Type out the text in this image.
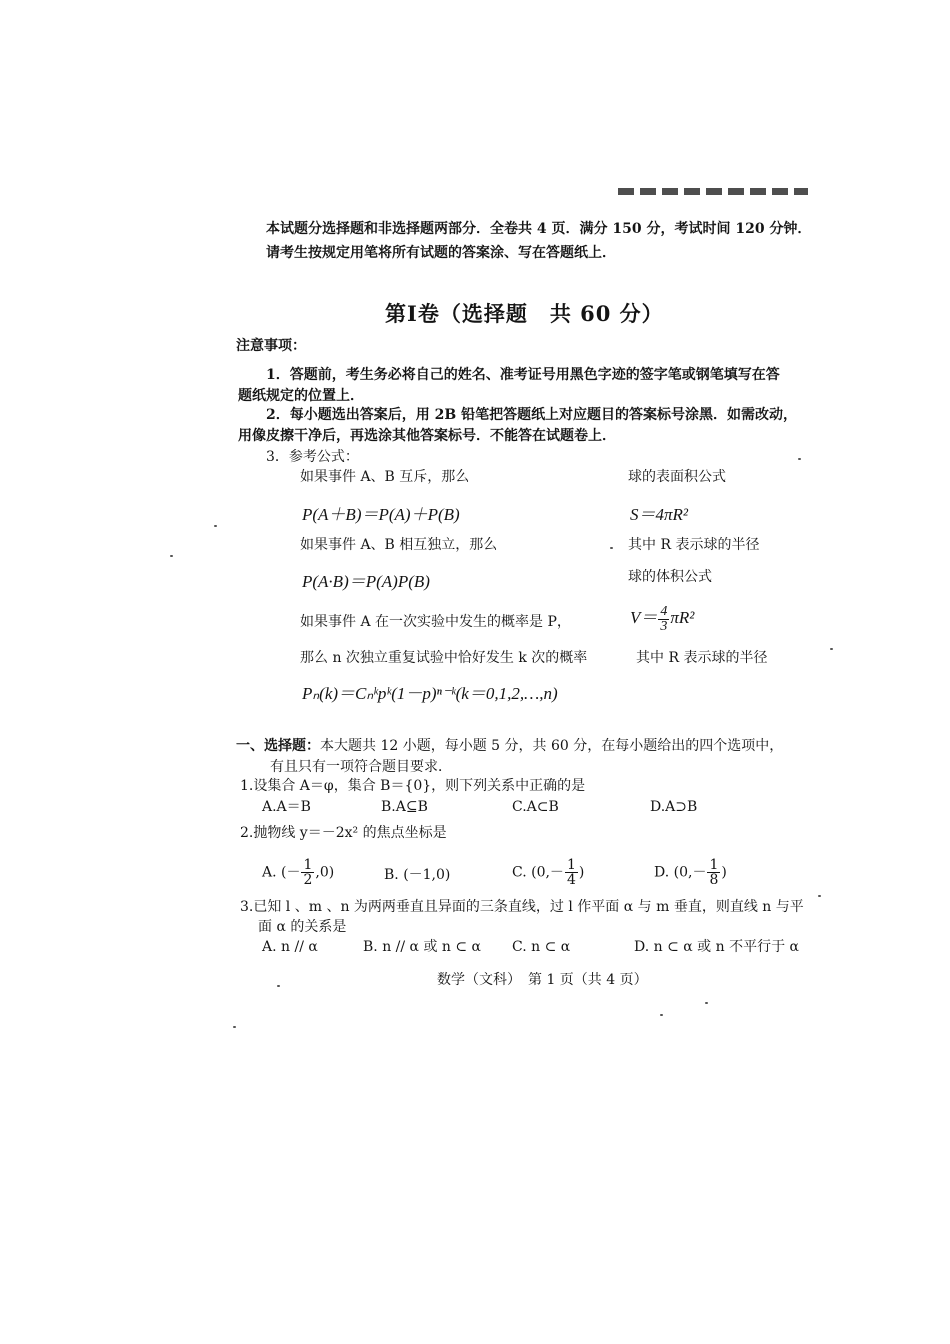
本试题分选择题和非选择题两部分．全卷共 4 页．满分 150 分，考试时间 120 分钟．
请考生按规定用笔将所有试题的答案涂、写在答题纸上．
第Ⅰ卷（选择题　共 60 分）
注意事项：
1．答题前，考生务必将自己的姓名、准考证号用黑色字迹的签字笔或钢笔填写在答
题纸规定的位置上．
2．每小题选出答案后，用 2B 铅笔把答题纸上对应题目的答案标号涂黑．如需改动，
用像皮擦干净后，再选涂其他答案标号．不能答在试题卷上．
3．参考公式：
如果事件 A、B 互斥，那么
P(A＋B)＝P(A)＋P(B)
如果事件 A、B 相互独立，那么
P(A·B)＝P(A)P(B)
如果事件 A 在一次实验中发生的概率是 P，
那么 n 次独立重复试验中恰好发生 k 次的概率
Pₙ(k)＝Cₙᵏpᵏ(1－p)ⁿ⁻ᵏ(k＝0,1,2,…,n)
球的表面积公式
S＝4πR²
其中 R 表示球的半径
球的体积公式
$V= \frac{4}{3} \pi R^2$
其中 R 表示球的半径
一、选择题：本大题共 12 小题，每小题 5 分，共 60 分，在每小题给出的四个选项中，
有且只有一项符合题目要求．
1.设集合 A＝φ，集合 B＝{0}，则下列关系中正确的是
A.A＝B	B.A⊆B	C.A⊂B	D.A⊃B
2.抛物线 y＝－2x² 的焦点坐标是
A. (－ $\frac{1}{2} ,0$)	B. (－1,0)	C. ($0,- \frac{1}{4}$ )	D. ($0,- \frac{1}{8}$ )
3.已知 l 、m 、n 为两两垂直且异面的三条直线，过 l 作平面 α 与 m 垂直，则直线 n 与平
面 α 的关系是
A. n // α	B. n // α 或 n ⊂ α C. n ⊂ α	D. n ⊂ α 或 n 不平行于 α
数学（文科）　第 1 页（共 4 页）
